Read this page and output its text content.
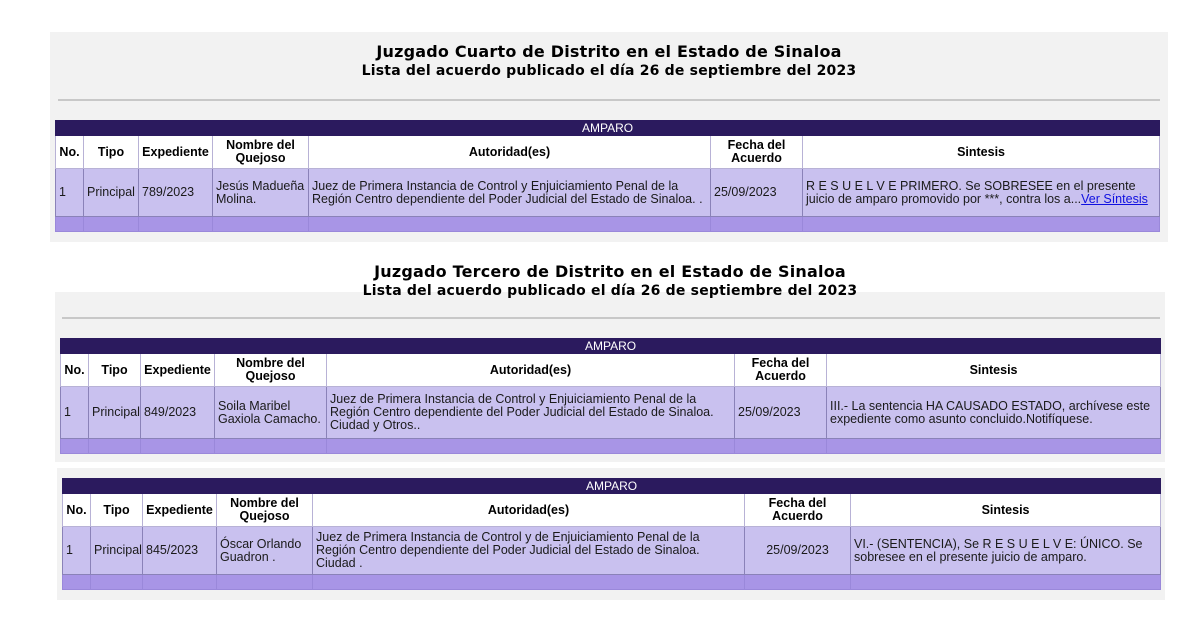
Juzgado Cuarto de Distrito en el Estado de Sinaloa
Lista del acuerdo publicado el día 26 de septiembre del 2023
AMPARO						
No.	Tipo	Expediente	Nombre del Quejoso	Autoridad(es)	Fecha del Acuerdo	Sintesis
1	Principal	789/2023	Jesús Madueña Molina.	Juez de Primera Instancia de Control y Enjuiciamiento Penal de la Región Centro dependiente del Poder Judicial del Estado de Sinaloa. .	25/09/2023	R E S U E L V E PRIMERO. Se SOBRESEE en el presente juicio de amparo promovido por ***, contra los a...Ver Síntesis

Juzgado Tercero de Distrito en el Estado de Sinaloa
Lista del acuerdo publicado el día 26 de septiembre del 2023
AMPARO						
No.	Tipo	Expediente	Nombre del Quejoso	Autoridad(es)	Fecha del Acuerdo	Sintesis
1	Principal	849/2023	Soila Maribel Gaxiola Camacho.	Juez de Primera Instancia de Control y Enjuiciamiento Penal de la Región Centro dependiente del Poder Judicial del Estado de Sinaloa. Ciudad y Otros..	25/09/2023	III.- La sentencia HA CAUSADO ESTADO, archívese este expediente como asunto concluido.Notifíquese.

AMPARO						
No.	Tipo	Expediente	Nombre del Quejoso	Autoridad(es)	Fecha del Acuerdo	Sintesis
1	Principal	845/2023	Óscar Orlando Guadron .	Juez de Primera Instancia de Control y de Enjuiciamiento Penal de la Región Centro dependiente del Poder Judicial del Estado de Sinaloa. Ciudad .	25/09/2023	VI.- (SENTENCIA), Se R E S U E L V E: ÚNICO. Se sobresee en el presente juicio de amparo.
